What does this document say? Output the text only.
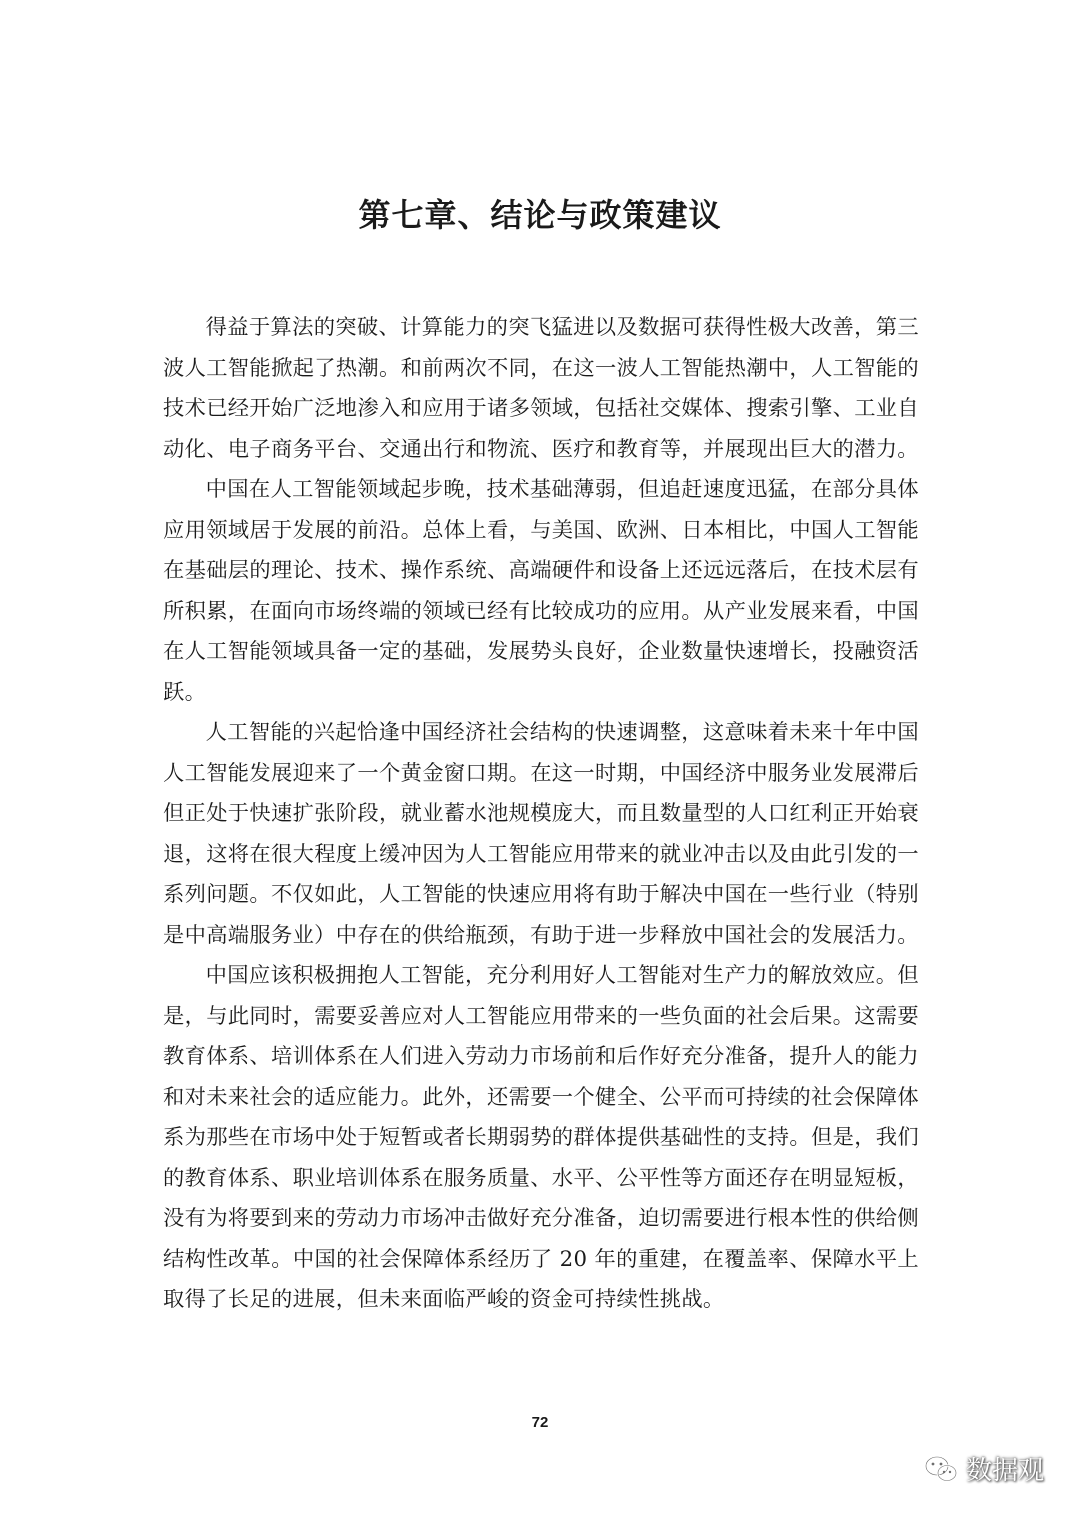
第七章、结论与政策建议

得益于算法的突破、计算能力的突飞猛进以及数据可获得性极大改善，第三波人工智能掀起了热潮。和前两次不同，在这一波人工智能热潮中，人工智能的技术已经开始广泛地渗入和应用于诸多领域，包括社交媒体、搜索引擎、工业自动化、电子商务平台、交通出行和物流、医疗和教育等，并展现出巨大的潜力。

中国在人工智能领域起步晚，技术基础薄弱，但追赶速度迅猛，在部分具体应用领域居于发展的前沿。总体上看，与美国、欧洲、日本相比，中国人工智能在基础层的理论、技术、操作系统、高端硬件和设备上还远远落后，在技术层有所积累，在面向市场终端的领域已经有比较成功的应用。从产业发展来看，中国在人工智能领域具备一定的基础，发展势头良好，企业数量快速增长，投融资活跃。

人工智能的兴起恰逢中国经济社会结构的快速调整，这意味着未来十年中国人工智能发展迎来了一个黄金窗口期。在这一时期，中国经济中服务业发展滞后但正处于快速扩张阶段，就业蓄水池规模庞大，而且数量型的人口红利正开始衰退，这将在很大程度上缓冲因为人工智能应用带来的就业冲击以及由此引发的一系列问题。不仅如此，人工智能的快速应用将有助于解决中国在一些行业（特别是中高端服务业）中存在的供给瓶颈，有助于进一步释放中国社会的发展活力。

中国应该积极拥抱人工智能，充分利用好人工智能对生产力的解放效应。但是，与此同时，需要妥善应对人工智能应用带来的一些负面的社会后果。这需要教育体系、培训体系在人们进入劳动力市场前和后作好充分准备，提升人的能力和对未来社会的适应能力。此外，还需要一个健全、公平而可持续的社会保障体系为那些在市场中处于短暂或者长期弱势的群体提供基础性的支持。但是，我们的教育体系、职业培训体系在服务质量、水平、公平性等方面还存在明显短板，没有为将要到来的劳动力市场冲击做好充分准备，迫切需要进行根本性的供给侧结构性改革。中国的社会保障体系经历了 20 年的重建，在覆盖率、保障水平上取得了长足的进展，但未来面临严峻的资金可持续性挑战。

72
数据观
